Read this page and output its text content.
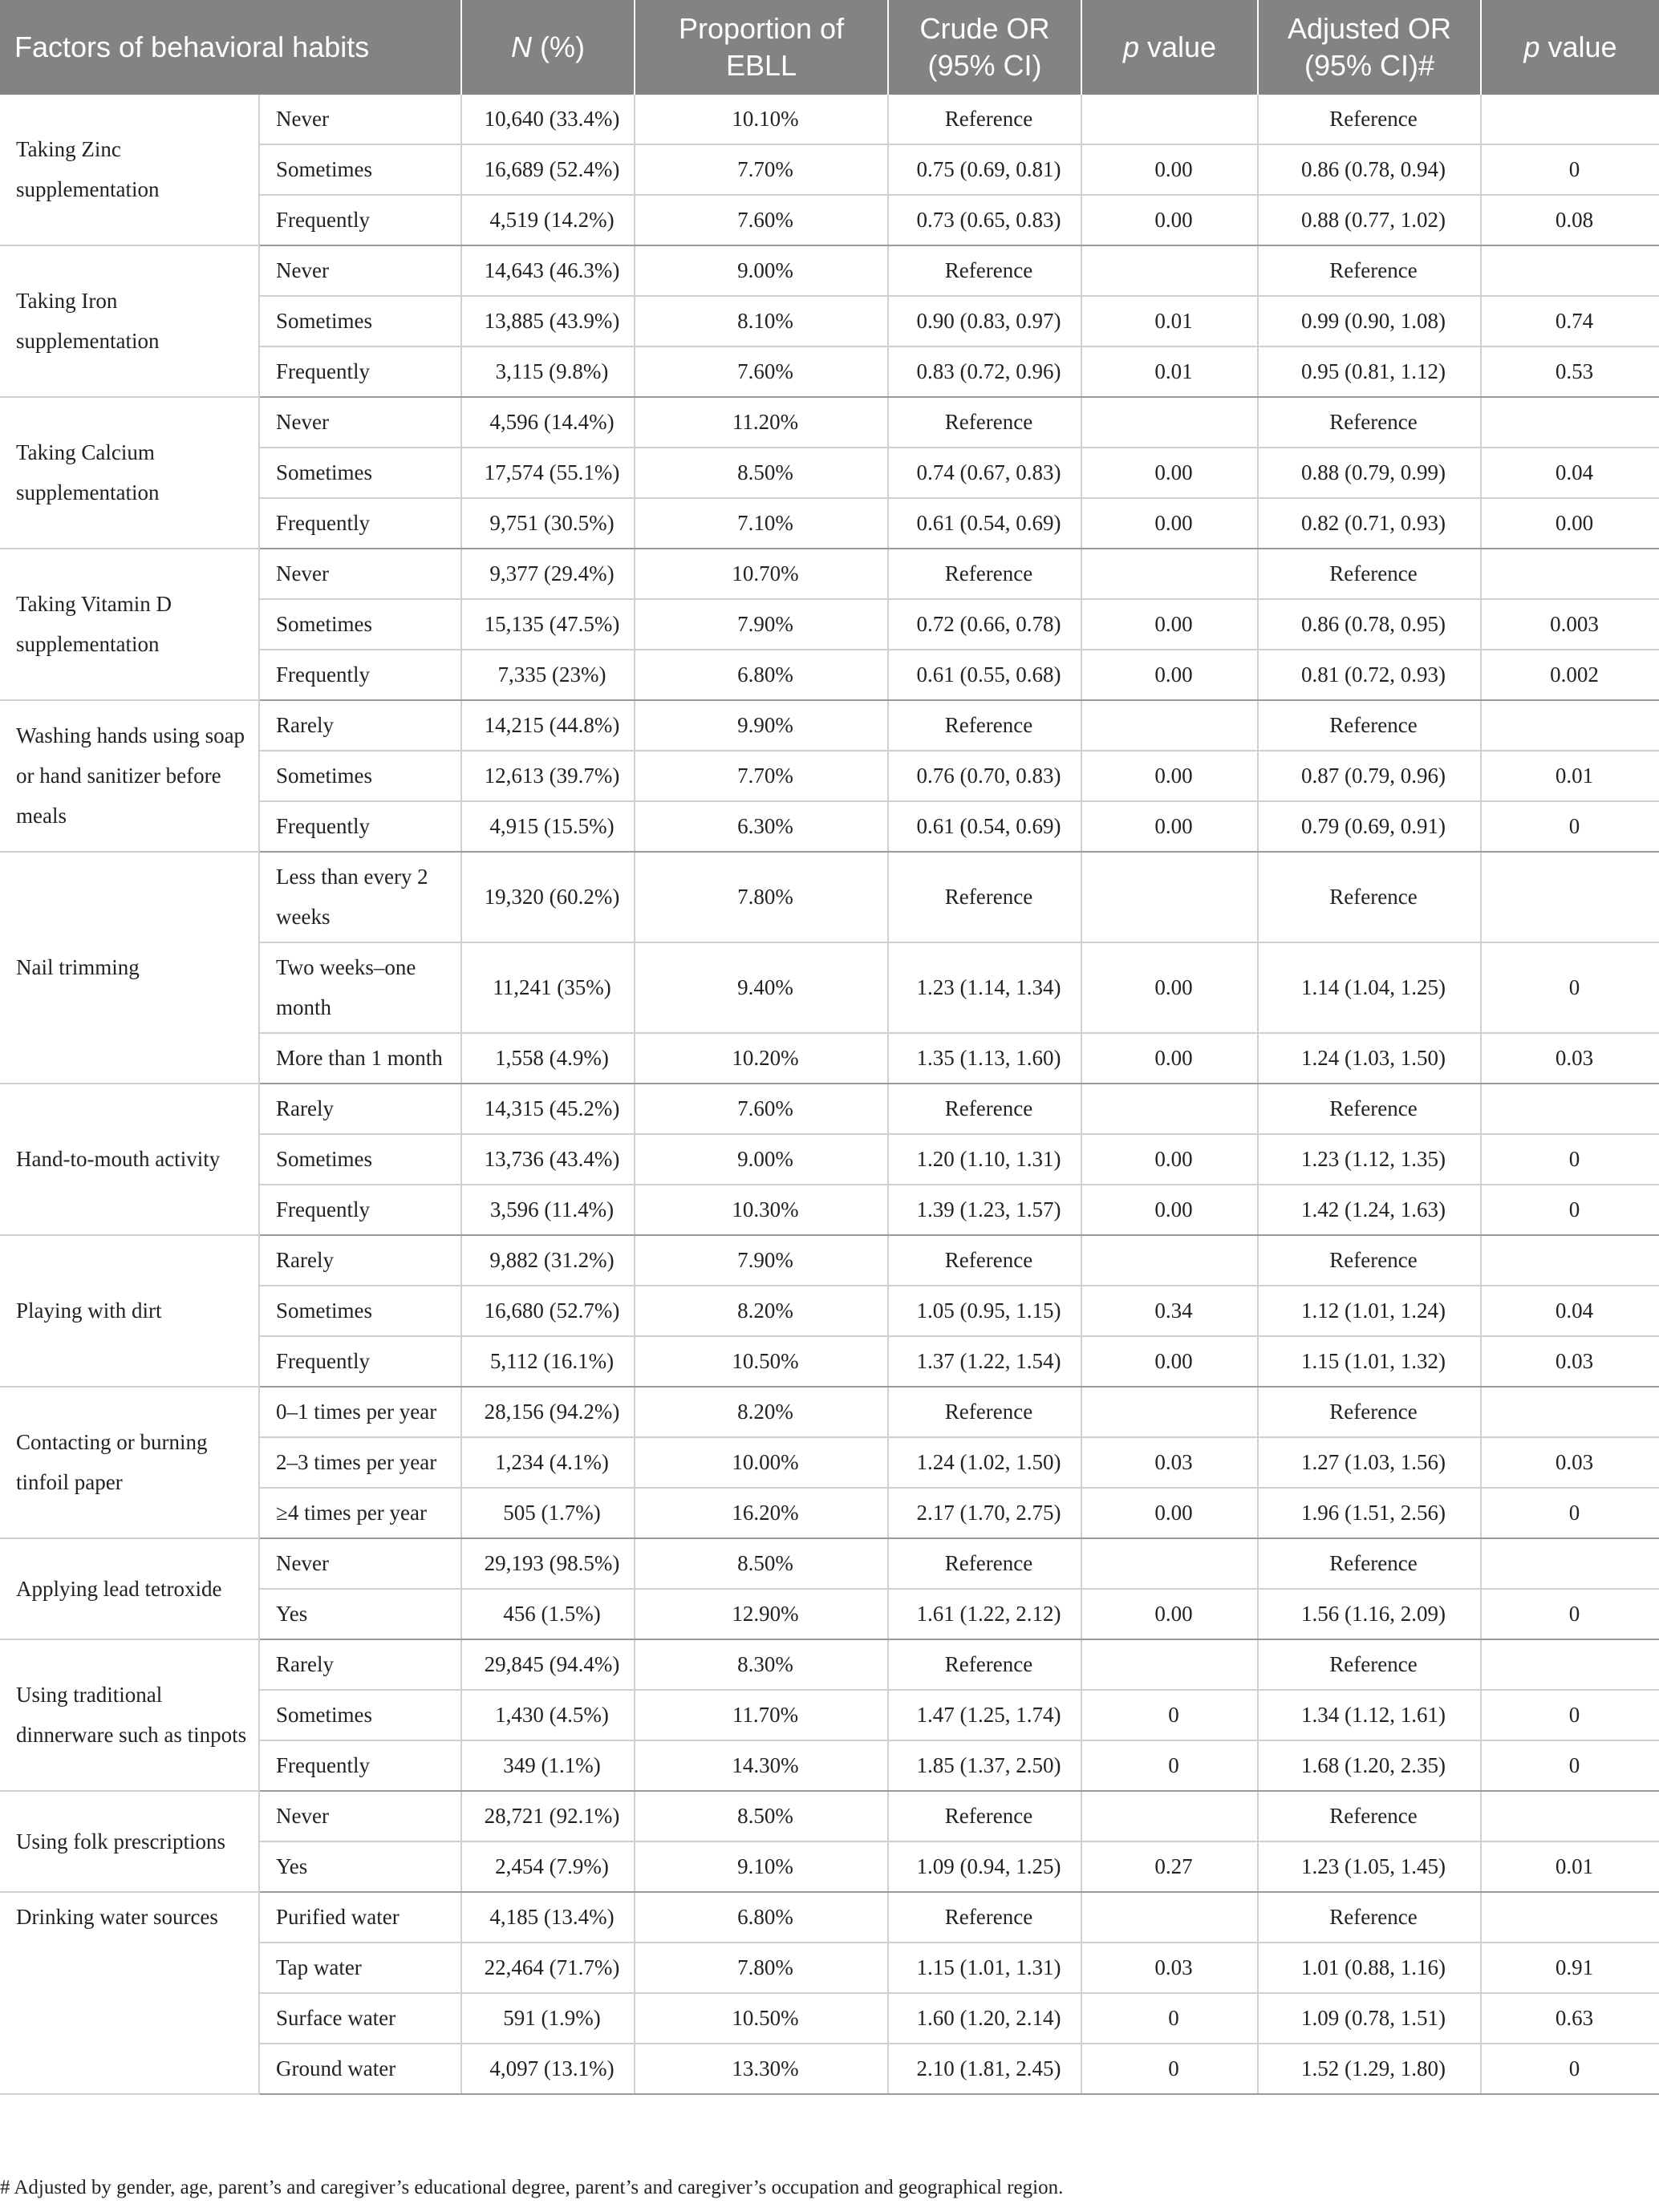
Factors of behavioral habits		N (%)	Proportion of EBLL	Crude OR (95% CI)	p value	Adjusted OR (95% CI)#	p value
Taking Zinc supplementation	Never	10,640 (33.4%)	10.10%	Reference		Reference	
	Sometimes	16,689 (52.4%)	7.70%	0.75 (0.69, 0.81)	0.00	0.86 (0.78, 0.94)	0
	Frequently	4,519 (14.2%)	7.60%	0.73 (0.65, 0.83)	0.00	0.88 (0.77, 1.02)	0.08
Taking Iron supplementation	Never	14,643 (46.3%)	9.00%	Reference		Reference	
	Sometimes	13,885 (43.9%)	8.10%	0.90 (0.83, 0.97)	0.01	0.99 (0.90, 1.08)	0.74
	Frequently	3,115 (9.8%)	7.60%	0.83 (0.72, 0.96)	0.01	0.95 (0.81, 1.12)	0.53
Taking Calcium supplementation	Never	4,596 (14.4%)	11.20%	Reference		Reference	
	Sometimes	17,574 (55.1%)	8.50%	0.74 (0.67, 0.83)	0.00	0.88 (0.79, 0.99)	0.04
	Frequently	9,751 (30.5%)	7.10%	0.61 (0.54, 0.69)	0.00	0.82 (0.71, 0.93)	0.00
Taking Vitamin D supplementation	Never	9,377 (29.4%)	10.70%	Reference		Reference	
	Sometimes	15,135 (47.5%)	7.90%	0.72 (0.66, 0.78)	0.00	0.86 (0.78, 0.95)	0.003
	Frequently	7,335 (23%)	6.80%	0.61 (0.55, 0.68)	0.00	0.81 (0.72, 0.93)	0.002
Washing hands using soap or hand sanitizer before meals	Rarely	14,215 (44.8%)	9.90%	Reference		Reference	
	Sometimes	12,613 (39.7%)	7.70%	0.76 (0.70, 0.83)	0.00	0.87 (0.79, 0.96)	0.01
	Frequently	4,915 (15.5%)	6.30%	0.61 (0.54, 0.69)	0.00	0.79 (0.69, 0.91)	0
Nail trimming	Less than every 2 weeks	19,320 (60.2%)	7.80%	Reference		Reference	
	Two weeks–one month	11,241 (35%)	9.40%	1.23 (1.14, 1.34)	0.00	1.14 (1.04, 1.25)	0
	More than 1 month	1,558 (4.9%)	10.20%	1.35 (1.13, 1.60)	0.00	1.24 (1.03, 1.50)	0.03
Hand-to-mouth activity	Rarely	14,315 (45.2%)	7.60%	Reference		Reference	
	Sometimes	13,736 (43.4%)	9.00%	1.20 (1.10, 1.31)	0.00	1.23 (1.12, 1.35)	0
	Frequently	3,596 (11.4%)	10.30%	1.39 (1.23, 1.57)	0.00	1.42 (1.24, 1.63)	0
Playing with dirt	Rarely	9,882 (31.2%)	7.90%	Reference		Reference	
	Sometimes	16,680 (52.7%)	8.20%	1.05 (0.95, 1.15)	0.34	1.12 (1.01, 1.24)	0.04
	Frequently	5,112 (16.1%)	10.50%	1.37 (1.22, 1.54)	0.00	1.15 (1.01, 1.32)	0.03
Contacting or burning tinfoil paper	0–1 times per year	28,156 (94.2%)	8.20%	Reference		Reference	
	2–3 times per year	1,234 (4.1%)	10.00%	1.24 (1.02, 1.50)	0.03	1.27 (1.03, 1.56)	0.03
	≥4 times per year	505 (1.7%)	16.20%	2.17 (1.70, 2.75)	0.00	1.96 (1.51, 2.56)	0
Applying lead tetroxide	Never	29,193 (98.5%)	8.50%	Reference		Reference	
	Yes	456 (1.5%)	12.90%	1.61 (1.22, 2.12)	0.00	1.56 (1.16, 2.09)	0
Using traditional dinnerware such as tinpots	Rarely	29,845 (94.4%)	8.30%	Reference		Reference	
	Sometimes	1,430 (4.5%)	11.70%	1.47 (1.25, 1.74)	0	1.34 (1.12, 1.61)	0
	Frequently	349 (1.1%)	14.30%	1.85 (1.37, 2.50)	0	1.68 (1.20, 2.35)	0
Using folk prescriptions	Never	28,721 (92.1%)	8.50%	Reference		Reference	
	Yes	2,454 (7.9%)	9.10%	1.09 (0.94, 1.25)	0.27	1.23 (1.05, 1.45)	0.01
Drinking water sources	Purified water	4,185 (13.4%)	6.80%	Reference		Reference	
	Tap water	22,464 (71.7%)	7.80%	1.15 (1.01, 1.31)	0.03	1.01 (0.88, 1.16)	0.91
	Surface water	591 (1.9%)	10.50%	1.60 (1.20, 2.14)	0	1.09 (0.78, 1.51)	0.63
	Ground water	4,097 (13.1%)	13.30%	2.10 (1.81, 2.45)	0	1.52 (1.29, 1.80)	0
# Adjusted by gender, age, parent’s and caregiver’s educational degree, parent’s and caregiver’s occupation and geographical region.
